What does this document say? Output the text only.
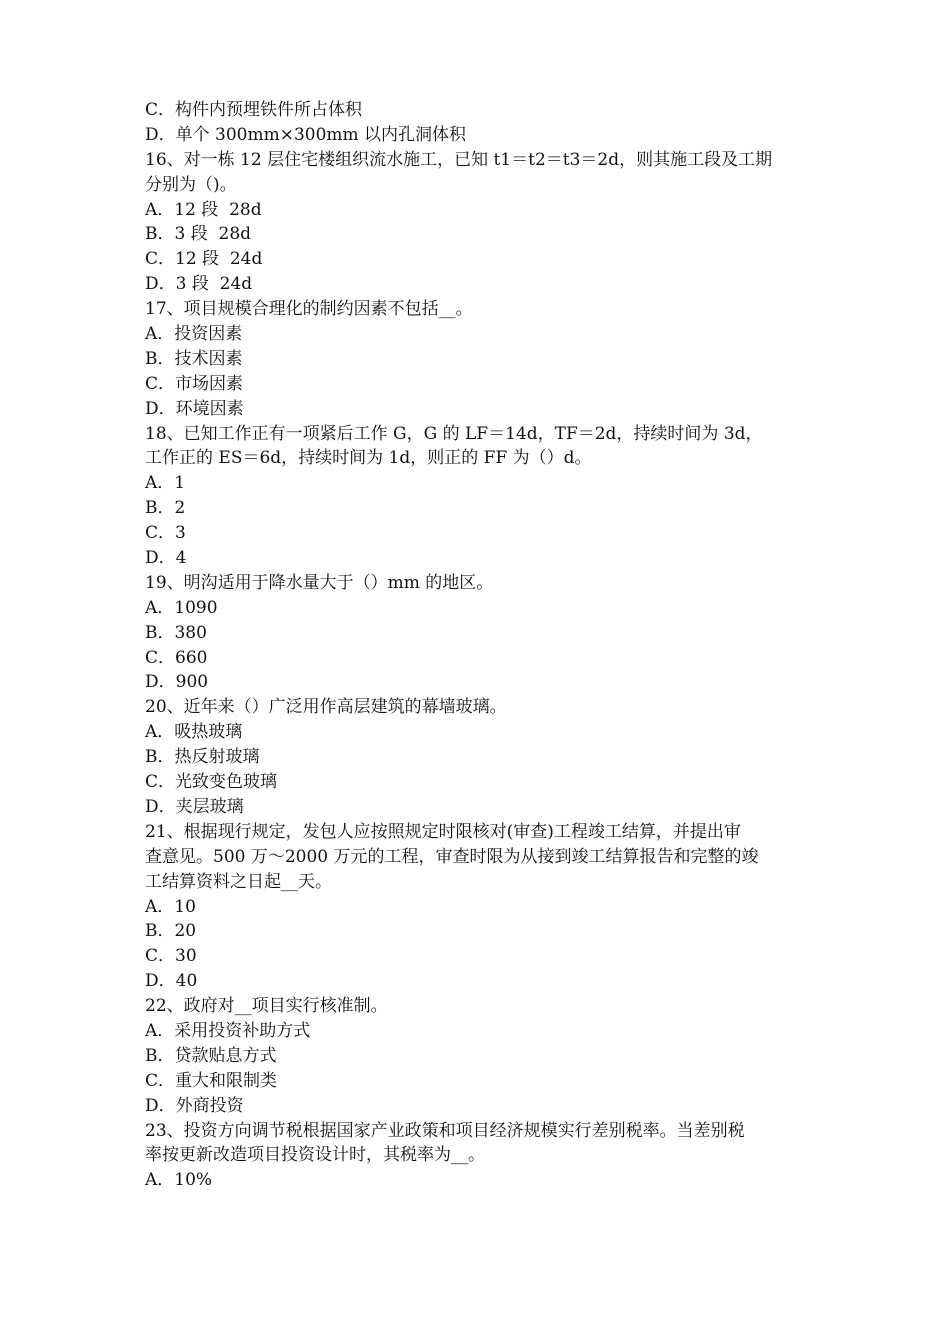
C．构件内预埋铁件所占体积
D．单个 300mm×300mm 以内孔洞体积
16、对一栋 12 层住宅楼组织流水施工，已知 t1＝t2＝t3＝2d，则其施工段及工期
分别为（)。
A．12 段  28d
B．3 段  28d
C．12 段  24d
D．3 段  24d
17、项目规模合理化的制约因素不包括__。
A．投资因素
B．技术因素
C．市场因素
D．环境因素
18、已知工作正有一项紧后工作 G，G 的 LF＝14d，TF＝2d，持续时间为 3d，
工作正的 ES＝6d，持续时间为 1d，则正的 FF 为（）d。
A．1
B．2
C．3
D．4
19、明沟适用于降水量大于（）mm 的地区。
A．1090
B．380
C．660
D．900
20、近年来（）广泛用作高层建筑的幕墙玻璃。
A．吸热玻璃
B．热反射玻璃
C．光致变色玻璃
D．夹层玻璃
21、根据现行规定，发包人应按照规定时限核对(审查)工程竣工结算，并提出审
查意见。500 万～2000 万元的工程，审查时限为从接到竣工结算报告和完整的竣
工结算资料之日起__天。
A．10
B．20
C．30
D．40
22、政府对__项目实行核准制。
A．采用投资补助方式
B．贷款贴息方式
C．重大和限制类
D．外商投资
23、投资方向调节税根据国家产业政策和项目经济规模实行差别税率。当差别税
率按更新改造项目投资设计时，其税率为__。
A．10%
